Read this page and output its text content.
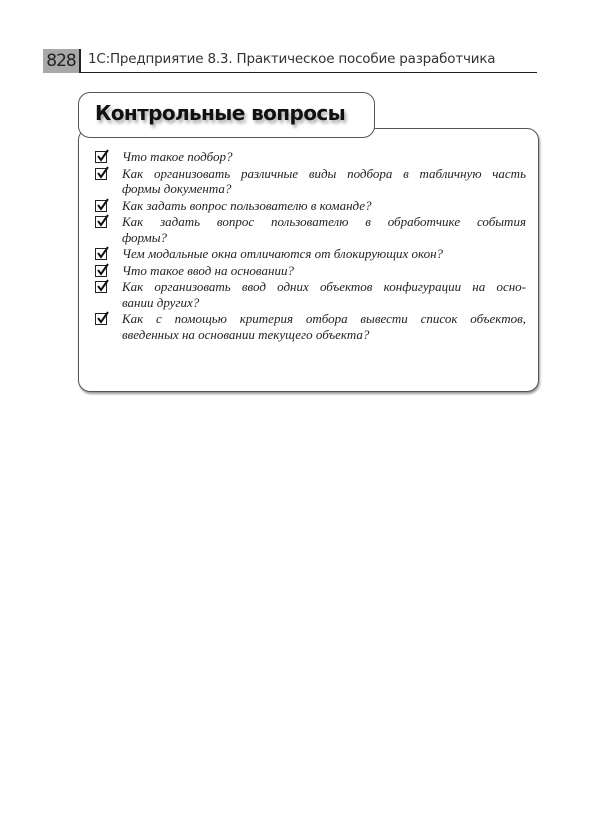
828 1С:Предприятие 8.3. Практическое пособие разработчика
Контрольные вопросы
Что такое подбор?
Как организовать различные виды подбора в табличную часть
формы документа?
Как задать вопрос пользователю в команде?
Как задать вопрос пользователю в обработчике события
формы?
Чем модальные окна отличаются от блокирующих окон?
Что такое ввод на основании?
Как организовать ввод одних объектов конфигурации на осно-
вании других?
Как с помощью критерия отбора вывести список объектов,
введенных на основании текущего объекта?
